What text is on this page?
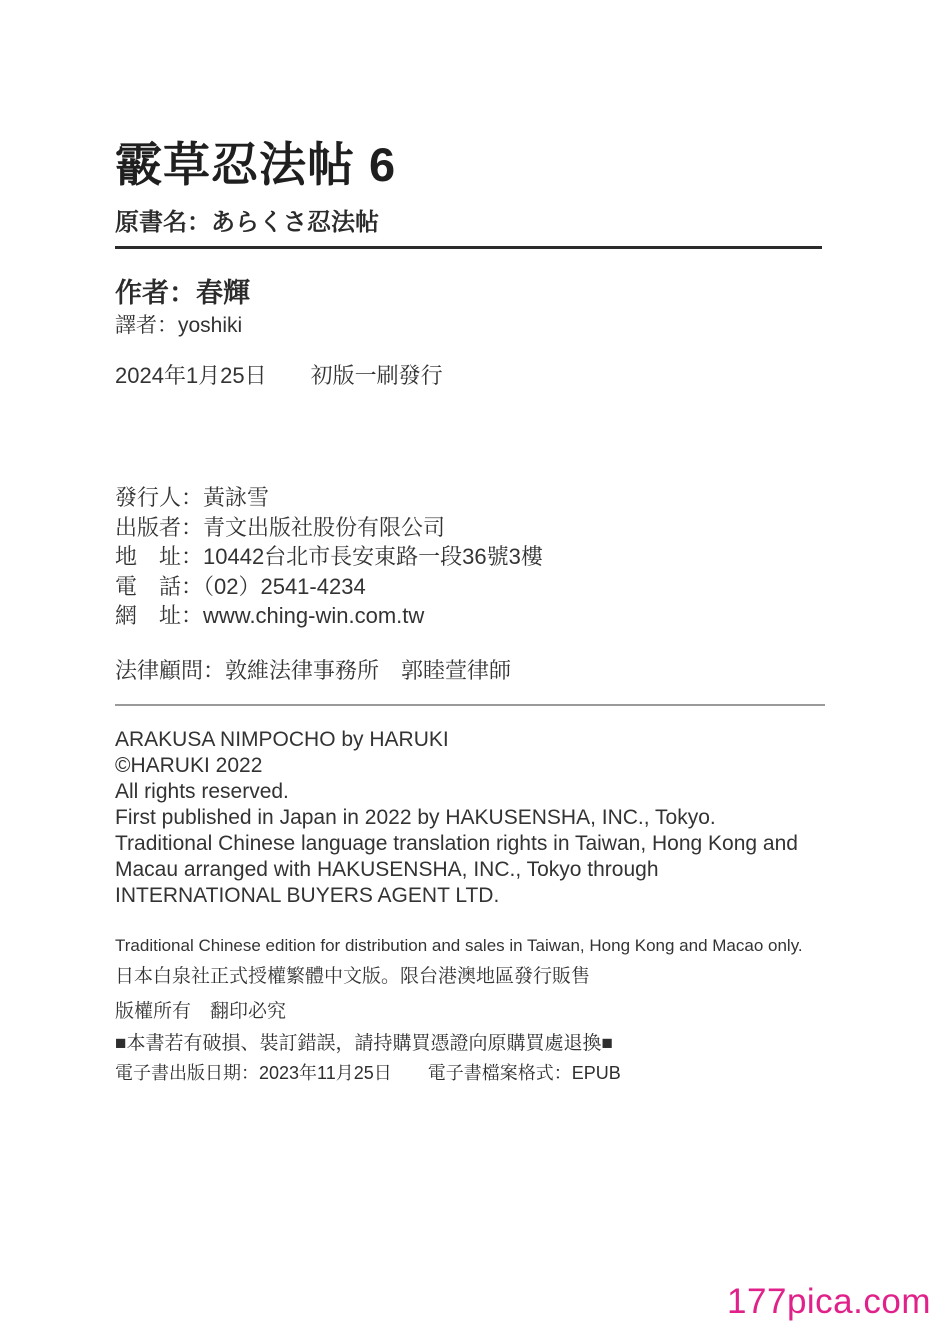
霰草忍法帖 6
原書名：あらくさ忍法帖
作者：春輝
譯者：yoshiki
2024年1月25日　　初版一刷發行
發行人：黃詠雪
出版者：青文出版社股份有限公司
地　址：10442台北市長安東路一段36號3樓
電　話：（02）2541-4234
網　址：www.ching-win.com.tw
法律顧問：敦維法律事務所　郭睦萱律師
ARAKUSA NIMPOCHO by HARUKI
©HARUKI 2022
All rights reserved.
First published in Japan in 2022 by HAKUSENSHA, INC., Tokyo.
Traditional Chinese language translation rights in Taiwan, Hong Kong and Macau arranged with HAKUSENSHA, INC., Tokyo through INTERNATIONAL BUYERS AGENT LTD.
Traditional Chinese edition for distribution and sales in Taiwan, Hong Kong and Macao only.
日本白泉社正式授權繁體中文版。限台港澳地區發行販售
版權所有　翻印必究
■本書若有破損、裝訂錯誤，請持購買憑證向原購買處退換■
電子書出版日期：2023年11月25日　　電子書檔案格式：EPUB
177pica.com
